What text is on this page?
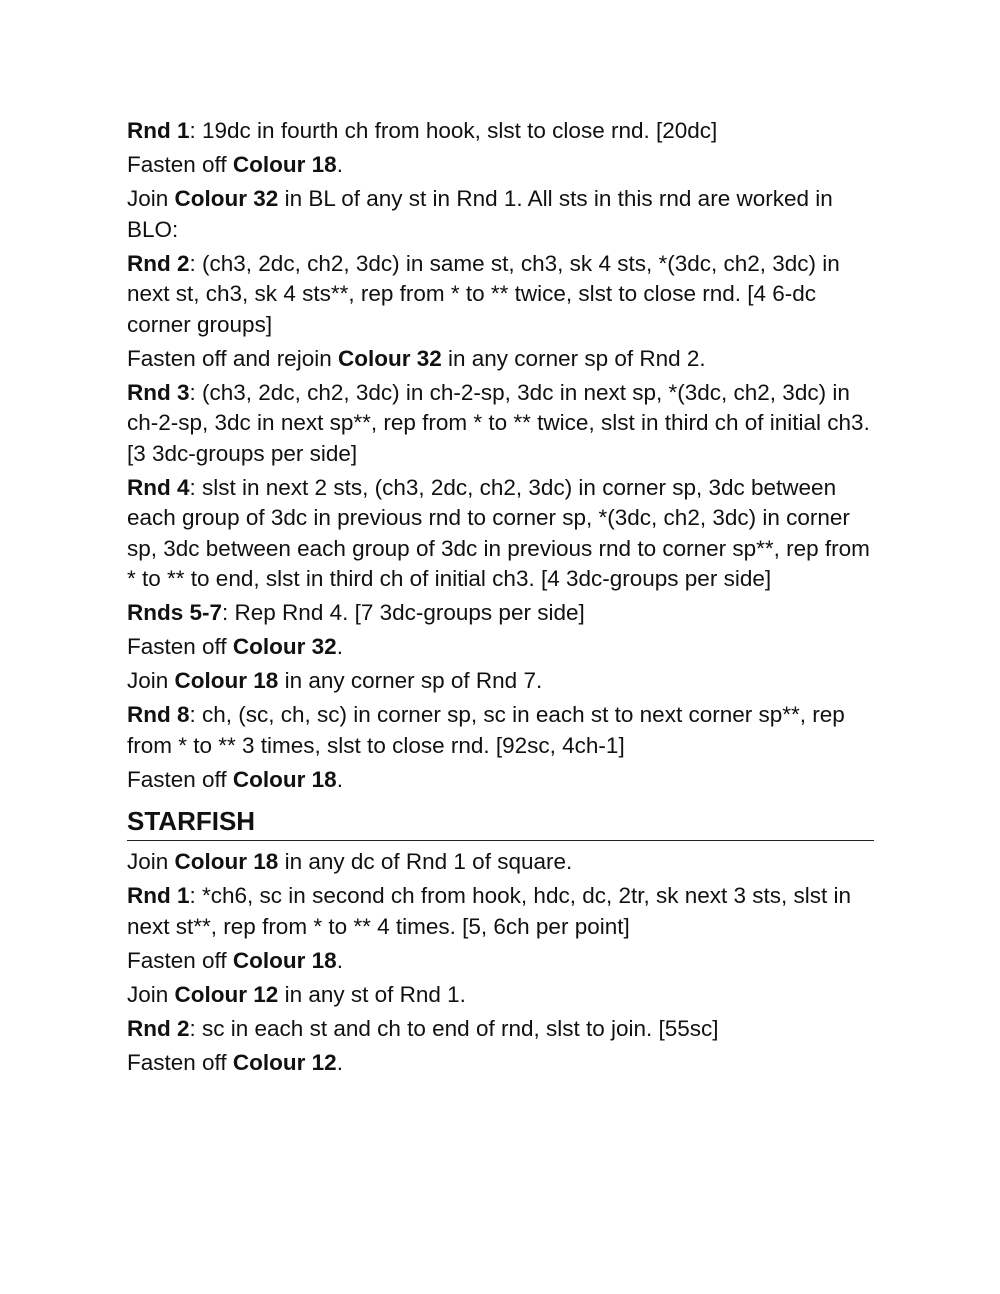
Rnd 1: 19dc in fourth ch from hook, slst to close rnd. [20dc]

Fasten off Colour 18.

Join Colour 32 in BL of any st in Rnd 1. All sts in this rnd are worked in BLO:

Rnd 2: (ch3, 2dc, ch2, 3dc) in same st, ch3, sk 4 sts, *(3dc, ch2, 3dc) in next st, ch3, sk 4 sts**, rep from * to ** twice, slst to close rnd. [4 6-dc corner groups]

Fasten off and rejoin Colour 32 in any corner sp of Rnd 2.

Rnd 3: (ch3, 2dc, ch2, 3dc) in ch-2-sp, 3dc in next sp, *(3dc, ch2, 3dc) in ch-2-sp, 3dc in next sp**, rep from * to ** twice, slst in third ch of initial ch3. [3 3dc-groups per side]

Rnd 4: slst in next 2 sts, (ch3, 2dc, ch2, 3dc) in corner sp, 3dc between each group of 3dc in previous rnd to corner sp, *(3dc, ch2, 3dc) in corner sp, 3dc between each group of 3dc in previous rnd to corner sp**, rep from * to ** to end, slst in third ch of initial ch3. [4 3dc-groups per side]

Rnds 5-7: Rep Rnd 4. [7 3dc-groups per side]

Fasten off Colour 32.

Join Colour 18 in any corner sp of Rnd 7.

Rnd 8: ch, (sc, ch, sc) in corner sp, sc in each st to next corner sp**, rep from * to ** 3 times, slst to close rnd. [92sc, 4ch-1]

Fasten off Colour 18.

STARFISH

Join Colour 18 in any dc of Rnd 1 of square.

Rnd 1: *ch6, sc in second ch from hook, hdc, dc, 2tr, sk next 3 sts, slst in next st**, rep from * to ** 4 times. [5, 6ch per point]

Fasten off Colour 18.

Join Colour 12 in any st of Rnd 1.

Rnd 2: sc in each st and ch to end of rnd, slst to join. [55sc]

Fasten off Colour 12.
